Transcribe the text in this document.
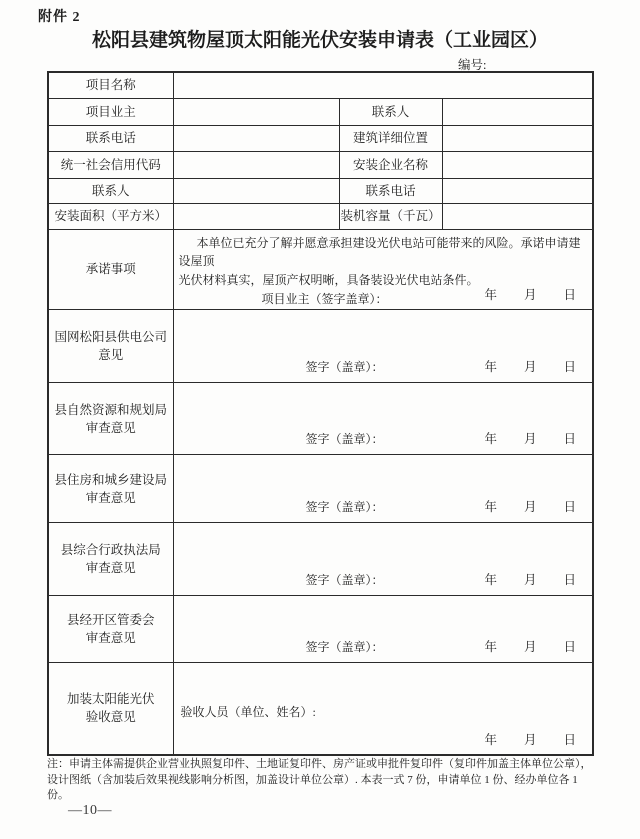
附件 2
松阳县建筑物屋顶太阳能光伏安装申请表（工业园区）
编号:
项目名称			
项目业主		联系人	
联系电话		建筑详细位置	
统一社会信用代码		安装企业名称	
联系人		联系电话	
安装面积（平方米）		装机容量（千瓦）	
承诺事项	
本单位已充分了解并愿意承担建设光伏电站可能带来的风险。承诺申请建设屋顶
光伏材料真实，屋顶产权明晰，具备装设光伏电站条件。
项目业主（签字盖章）：	年 月 日

国网松阳县供电公司
意见

签字（盖章）：	年 月 日

县自然资源和规划局
审查意见

签字（盖章）：	年 月 日

县住房和城乡建设局
审查意见

签字（盖章）：	年 月 日

县综合行政执法局
审查意见

签字（盖章）：	年 月 日

县经开区管委会
审查意见

签字（盖章）：	年 月 日

加装太阳能光伏
验收意见	验收人员（单位、姓名）:
年 月 日
注：申请主体需提供企业营业执照复印件、土地证复印件、房产证或申批件复印件（复印件加盖主体单位公章），
设计图纸（含加装后效果视线影响分析图，加盖设计单位公章）. 本表一式 7 份，申请单位 1 份、经办单位各 1
份。
—10—
